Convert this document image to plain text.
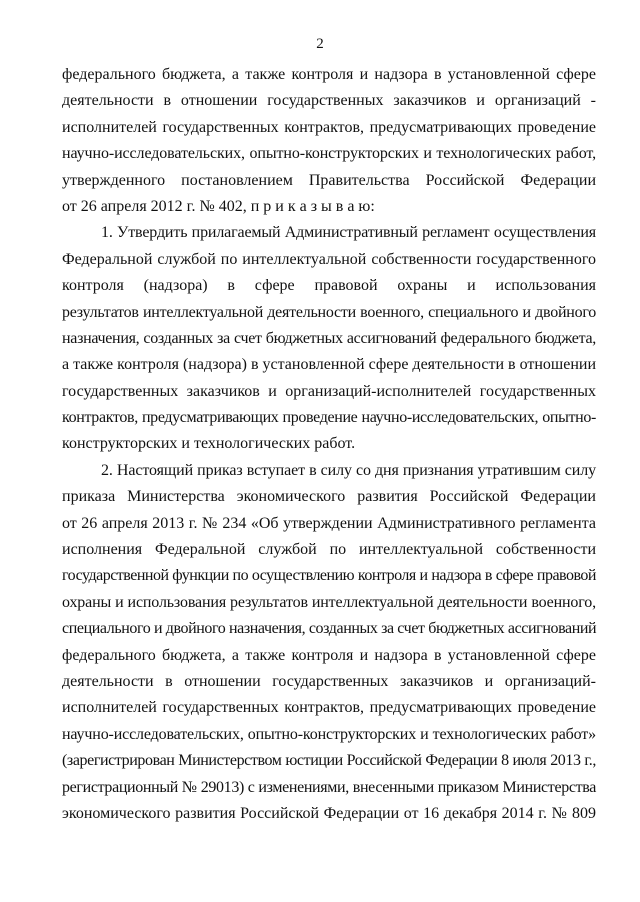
2
федерального бюджета, а также контроля и надзора в установленной сфере
деятельности в отношении государственных заказчиков и организаций -
исполнителей государственных контрактов, предусматривающих проведение
научно-исследовательских, опытно-конструкторских и технологических работ,
утвержденного постановлением Правительства Российской Федерации
от 26 апреля 2012 г. № 402, п р и к а з ы в а ю:
1. Утвердить прилагаемый Административный регламент осуществления
Федеральной службой по интеллектуальной собственности государственного
контроля (надзора) в сфере правовой охраны и использования
результатов интеллектуальной деятельности военного, специального и двойного
назначения, созданных за счет бюджетных ассигнований федерального бюджета,
а также контроля (надзора) в установленной сфере деятельности в отношении
государственных заказчиков и организаций-исполнителей государственных
контрактов, предусматривающих проведение научно-исследовательских, опытно-
конструкторских и технологических работ.
2. Настоящий приказ вступает в силу со дня признания утратившим силу
приказа Министерства экономического развития Российской Федерации
от 26 апреля 2013 г. № 234 «Об утверждении Административного регламента
исполнения Федеральной службой по интеллектуальной собственности
государственной функции по осуществлению контроля и надзора в сфере правовой
охраны и использования результатов интеллектуальной деятельности военного,
специального и двойного назначения, созданных за счет бюджетных ассигнований
федерального бюджета, а также контроля и надзора в установленной сфере
деятельности в отношении государственных заказчиков и организаций-
исполнителей государственных контрактов, предусматривающих проведение
научно-исследовательских, опытно-конструкторских и технологических работ»
(зарегистрирован Министерством юстиции Российской Федерации 8 июля 2013 г.,
регистрационный № 29013) с изменениями, внесенными приказом Министерства
экономического развития Российской Федерации от 16 декабря 2014 г. № 809
